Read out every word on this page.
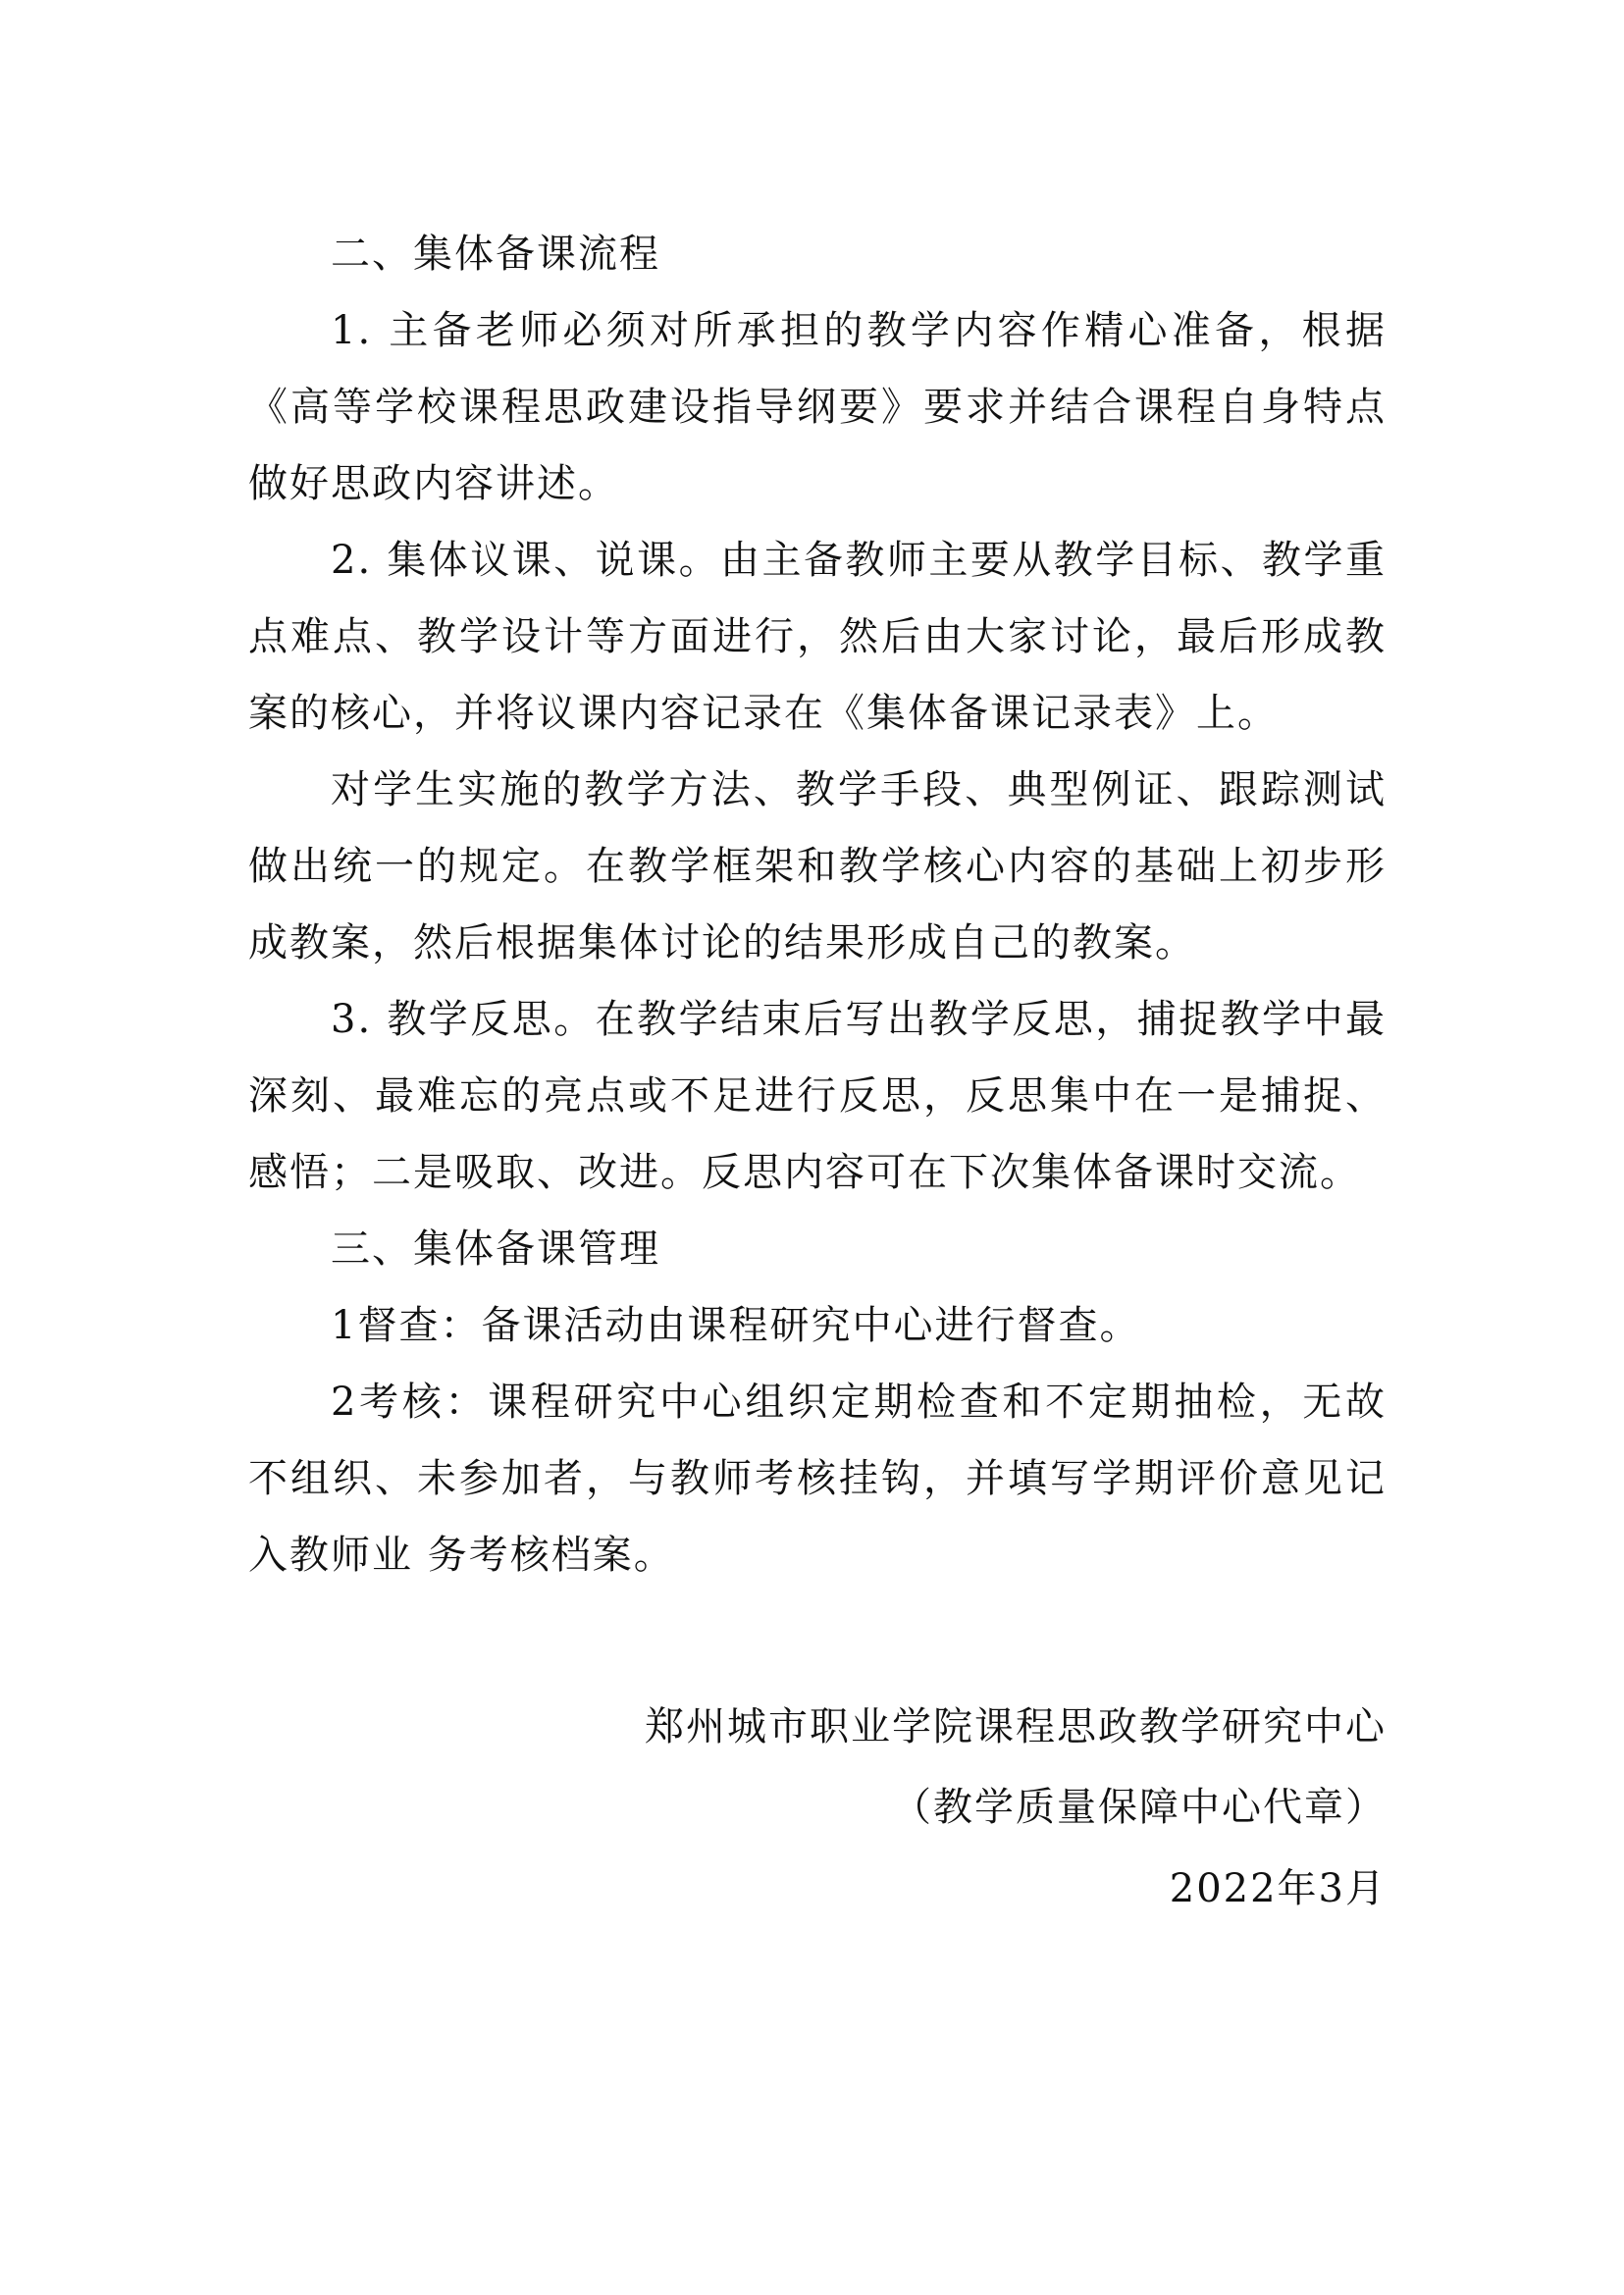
二、集体备课流程

1. 主备老师必须对所承担的教学内容作精心准备，根据《高等学校课程思政建设指导纲要》要求并结合课程自身特点做好思政内容讲述。

2. 集体议课、说课。由主备教师主要从教学目标、教学重点难点、教学设计等方面进行，然后由大家讨论，最后形成教案的核心，并将议课内容记录在《集体备课记录表》上。

对学生实施的教学方法、教学手段、典型例证、跟踪测试做出统一的规定。在教学框架和教学核心内容的基础上初步形成教案，然后根据集体讨论的结果形成自己的教案。

3. 教学反思。在教学结束后写出教学反思，捕捉教学中最深刻、最难忘的亮点或不足进行反思，反思集中在一是捕捉、感悟；二是吸取、改进。反思内容可在下次集体备课时交流。

三、集体备课管理

1督查：备课活动由课程研究中心进行督查。

2考核：课程研究中心组织定期检查和不定期抽检，无故不组织、未参加者，与教师考核挂钩，并填写学期评价意见记入教师业 务考核档案。

郑州城市职业学院课程思政教学研究中心
（教学质量保障中心代章）
2022年3月
